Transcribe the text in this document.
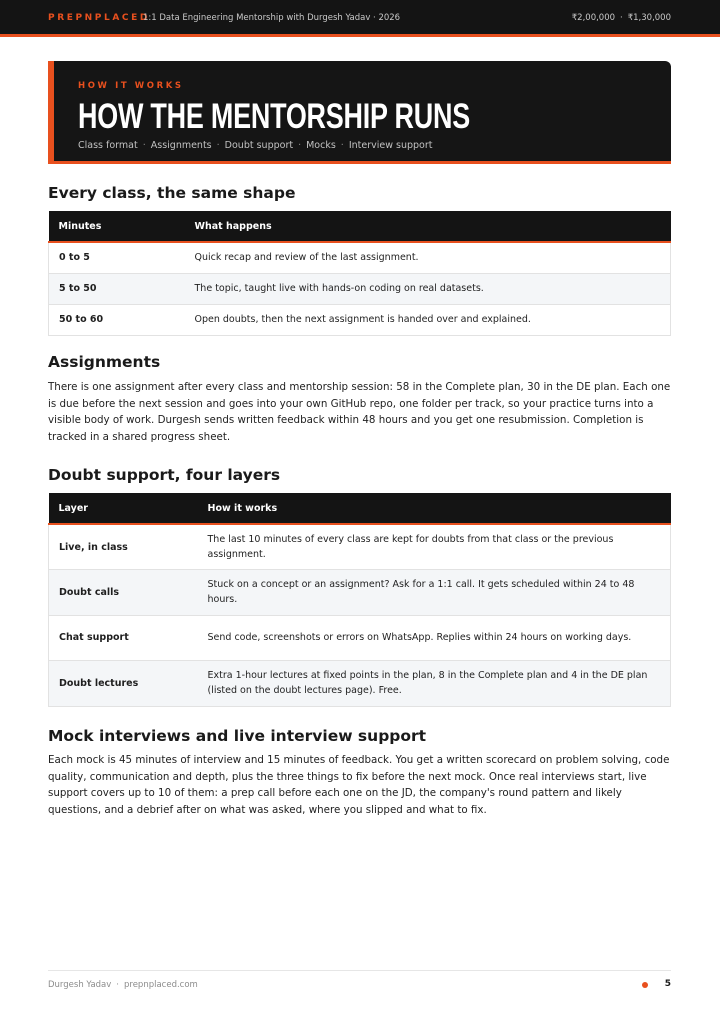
PREPNPLACED
1:1 Data Engineering Mentorship with Durgesh Yadav · 2026	₹2,00,000 · ₹1,30,000
HOW IT WORKS
HOW THE MENTORSHIP RUNS
Class format · Assignments · Doubt support · Mocks · Interview support
Every class, the same shape
Minutes	What happens
0 to 5	Quick recap and review of the last assignment.
5 to 50	The topic, taught live with hands-on coding on real datasets.
50 to 60	Open doubts, then the next assignment is handed over and explained.
Assignments

There is one assignment after every class and mentorship session: 58 in the Complete plan, 30 in the DE plan. Each one is due before the next session and goes into your own GitHub repo, one folder per track, so your practice turns into a visible body of work. Durgesh sends written feedback within 48 hours and you get one resubmission. Completion is tracked in a shared progress sheet.

Doubt support, four layers
Layer	How it works
Live, in class	The last 10 minutes of every class are kept for doubts from that class or the previous assignment.
Doubt calls	Stuck on a concept or an assignment? Ask for a 1:1 call. It gets scheduled within 24 to 48 hours.
Chat support	Send code, screenshots or errors on WhatsApp. Replies within 24 hours on working days.
Doubt lectures	Extra 1-hour lectures at fixed points in the plan, 8 in the Complete plan and 4 in the DE plan (listed on the doubt lectures page). Free.
Mock interviews and live interview support

Each mock is 45 minutes of interview and 15 minutes of feedback. You get a written scorecard on problem solving, code quality, communication and depth, plus the three things to fix before the next mock. Once real interviews start, live support covers up to 10 of them: a prep call before each one on the JD, the company's round pattern and likely questions, and a debrief after on what was asked, where you slipped and what to fix.

Durgesh Yadav · prepnplaced.com	5
